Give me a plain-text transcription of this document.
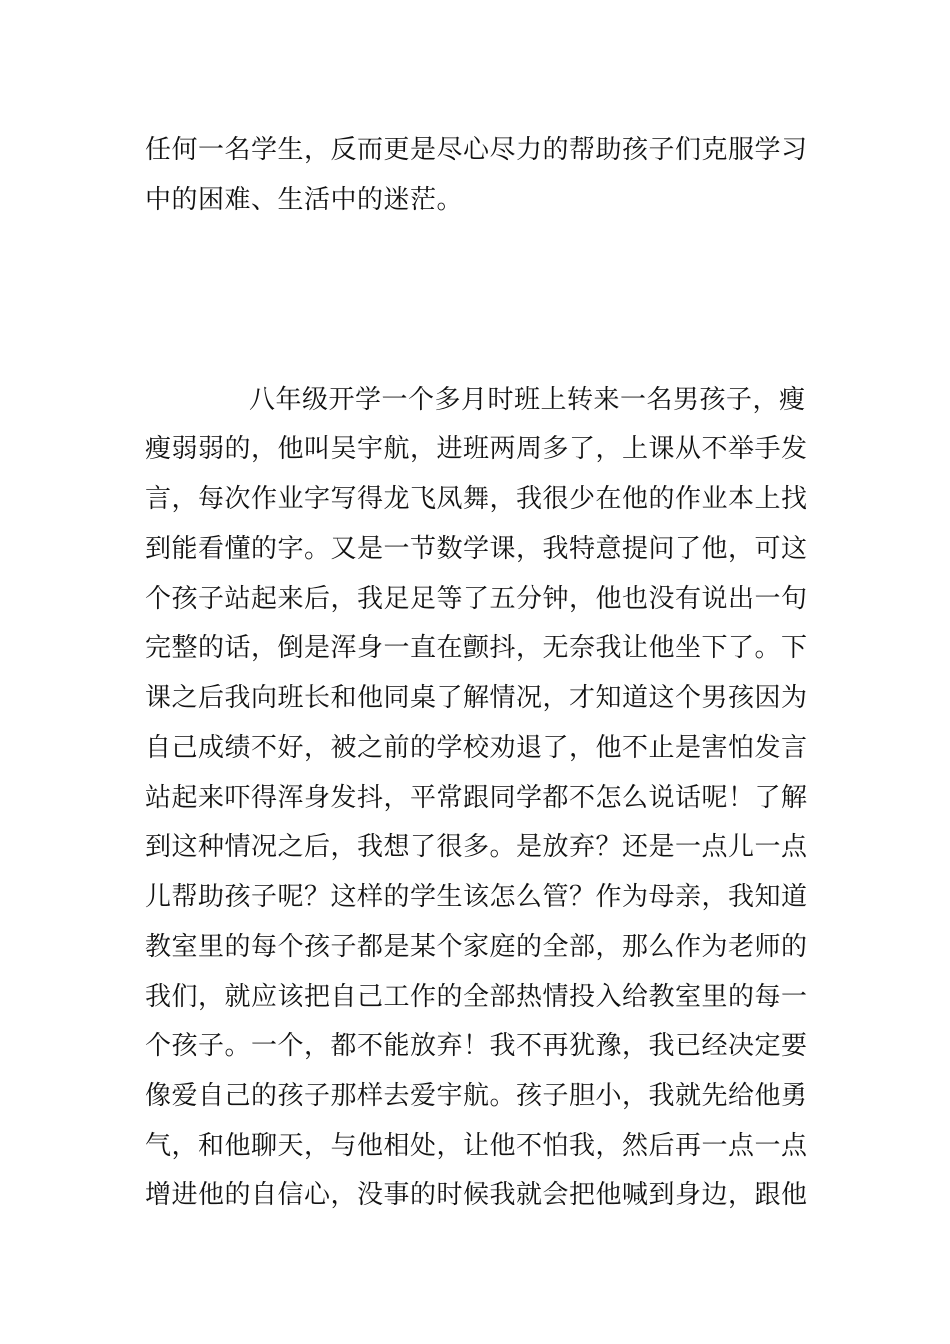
任何一名学生，反而更是尽心尽力的帮助孩子们克服学习
中的困难、生活中的迷茫。
八年级开学一个多月时班上转来一名男孩子，瘦
瘦弱弱的，他叫吴宇航，进班两周多了，上课从不举手发
言，每次作业字写得龙飞凤舞，我很少在他的作业本上找
到能看懂的字。又是一节数学课，我特意提问了他，可这
个孩子站起来后，我足足等了五分钟，他也没有说出一句
完整的话，倒是浑身一直在颤抖，无奈我让他坐下了。下
课之后我向班长和他同桌了解情况，才知道这个男孩因为
自己成绩不好，被之前的学校劝退了，他不止是害怕发言
站起来吓得浑身发抖，平常跟同学都不怎么说话呢！了解
到这种情况之后，我想了很多。是放弃？还是一点儿一点
儿帮助孩子呢？这样的学生该怎么管？作为母亲，我知道
教室里的每个孩子都是某个家庭的全部，那么作为老师的
我们，就应该把自己工作的全部热情投入给教室里的每一
个孩子。一个，都不能放弃！我不再犹豫，我已经决定要
像爱自己的孩子那样去爱宇航。孩子胆小，我就先给他勇
气，和他聊天，与他相处，让他不怕我，然后再一点一点
增进他的自信心，没事的时候我就会把他喊到身边，跟他
